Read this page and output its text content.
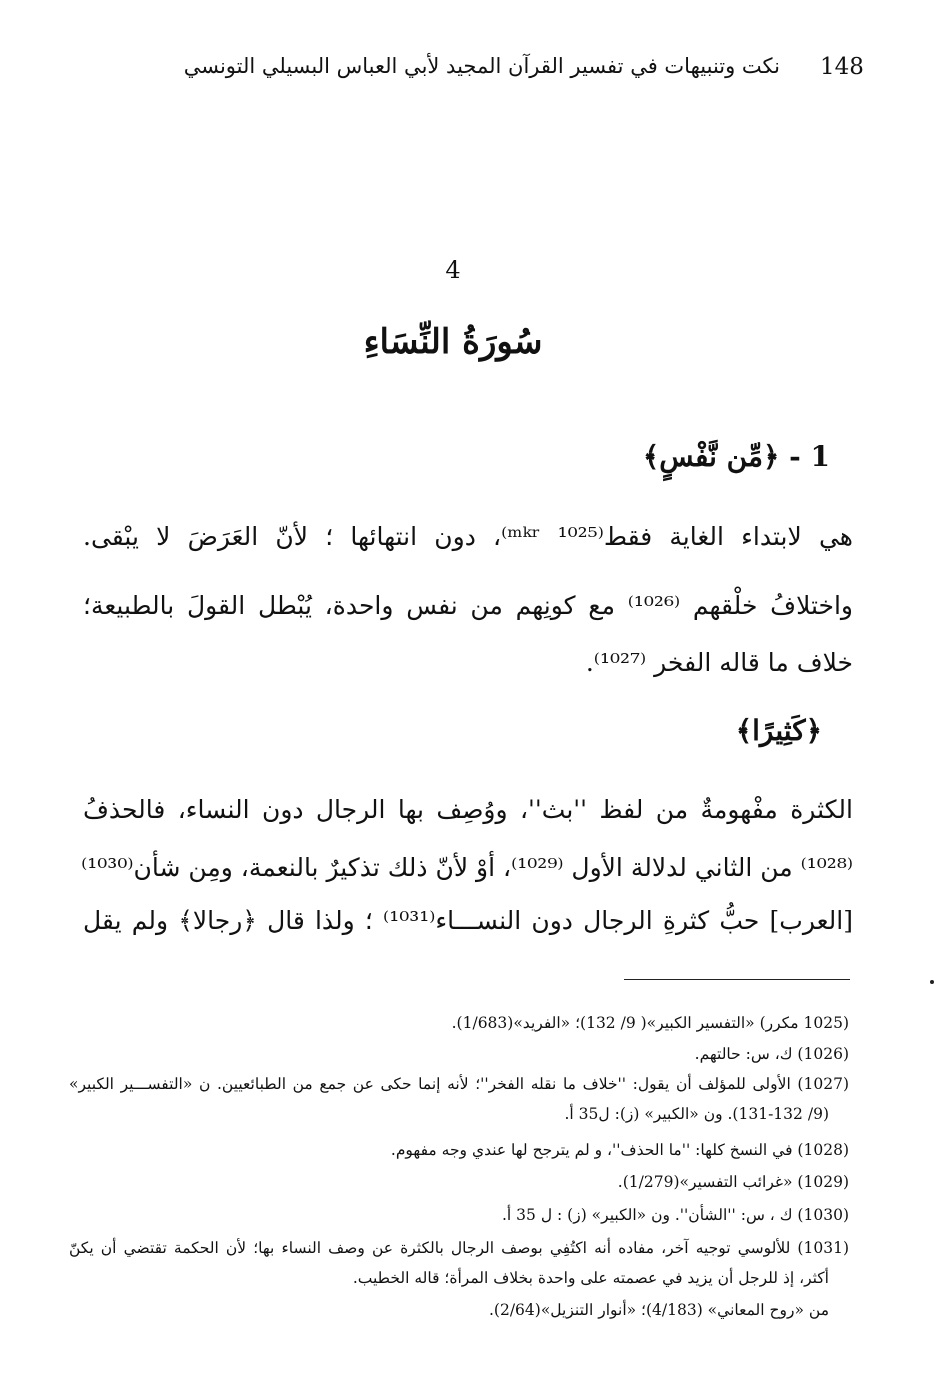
148
نكت وتنبيهات في تفسير القرآن المجيد لأبي العباس البسيلي التونسي
4
سُورَةُ النِّسَاءِ
1 - ﴿مِّن نَّفْسٍ﴾
هي لابتداء الغاية فقط⁽¹⁰²⁵ ᵐᵏʳ⁾، دون انتهائها ؛ لأنّ العَرَضَ لا يبْقى.
واختلافُ خلْقهم ⁽¹⁰²⁶⁾ مع كونِهم من نفس واحدة، يُبْطل القولَ بالطبيعة؛
خلاف ما قاله الفخر ⁽¹⁰²⁷⁾.
﴿كَثِيرًا﴾
الكثرة مفْهومةٌ من لفظ ''بث''، ووُصِف بها الرجال دون النساء، فالحذفُ
⁽¹⁰²⁸⁾ من الثاني لدلالة الأول ⁽¹⁰²⁹⁾، أوْ لأنّ ذلك تذكيرٌ بالنعمة، ومِن شأن⁽¹⁰³⁰⁾
[العرب] حبُّ كثرةِ الرجال دون النســـاء⁽¹⁰³¹⁾ ؛ ولذا قال ﴿رجالا﴾ ولم يقل
(1025 مكرر) «التفسير الكبير»( 9/ 132)؛ «الفريد»(1/683).
(1026) ك، س: حالتهم.
(1027) الأولى للمؤلف أن يقول: ''خلاف ما نقله الفخر''؛ لأنه إنما حكى عن جمع من الطبائعيين. ن «التفســـير الكبير»
(9/ 131-132). ون «الكبير» (ز): ل35 أ.
(1028) في النسخ كلها: ''ما الحذف''، و لم يترجح لها عندي وجه مفهوم.
(1029) «غرائب التفسير»(1/279).
(1030) ك ، س: ''الشأن''. ون «الكبير» (ز) : ل 35 أ.
(1031) للألوسي توجيه آخر، مفاده أنه اكتُفِي بوصف الرجال بالكثرة عن وصف النساء بها؛ لأن الحكمة تقتضي أن يكنّ
أكثر، إذ للرجل أن يزيد في عصمته على واحدة بخلاف المرأة؛ قاله الخطيب.
من «روح المعاني» (4/183)؛ «أنوار التنزيل»(2/64).
